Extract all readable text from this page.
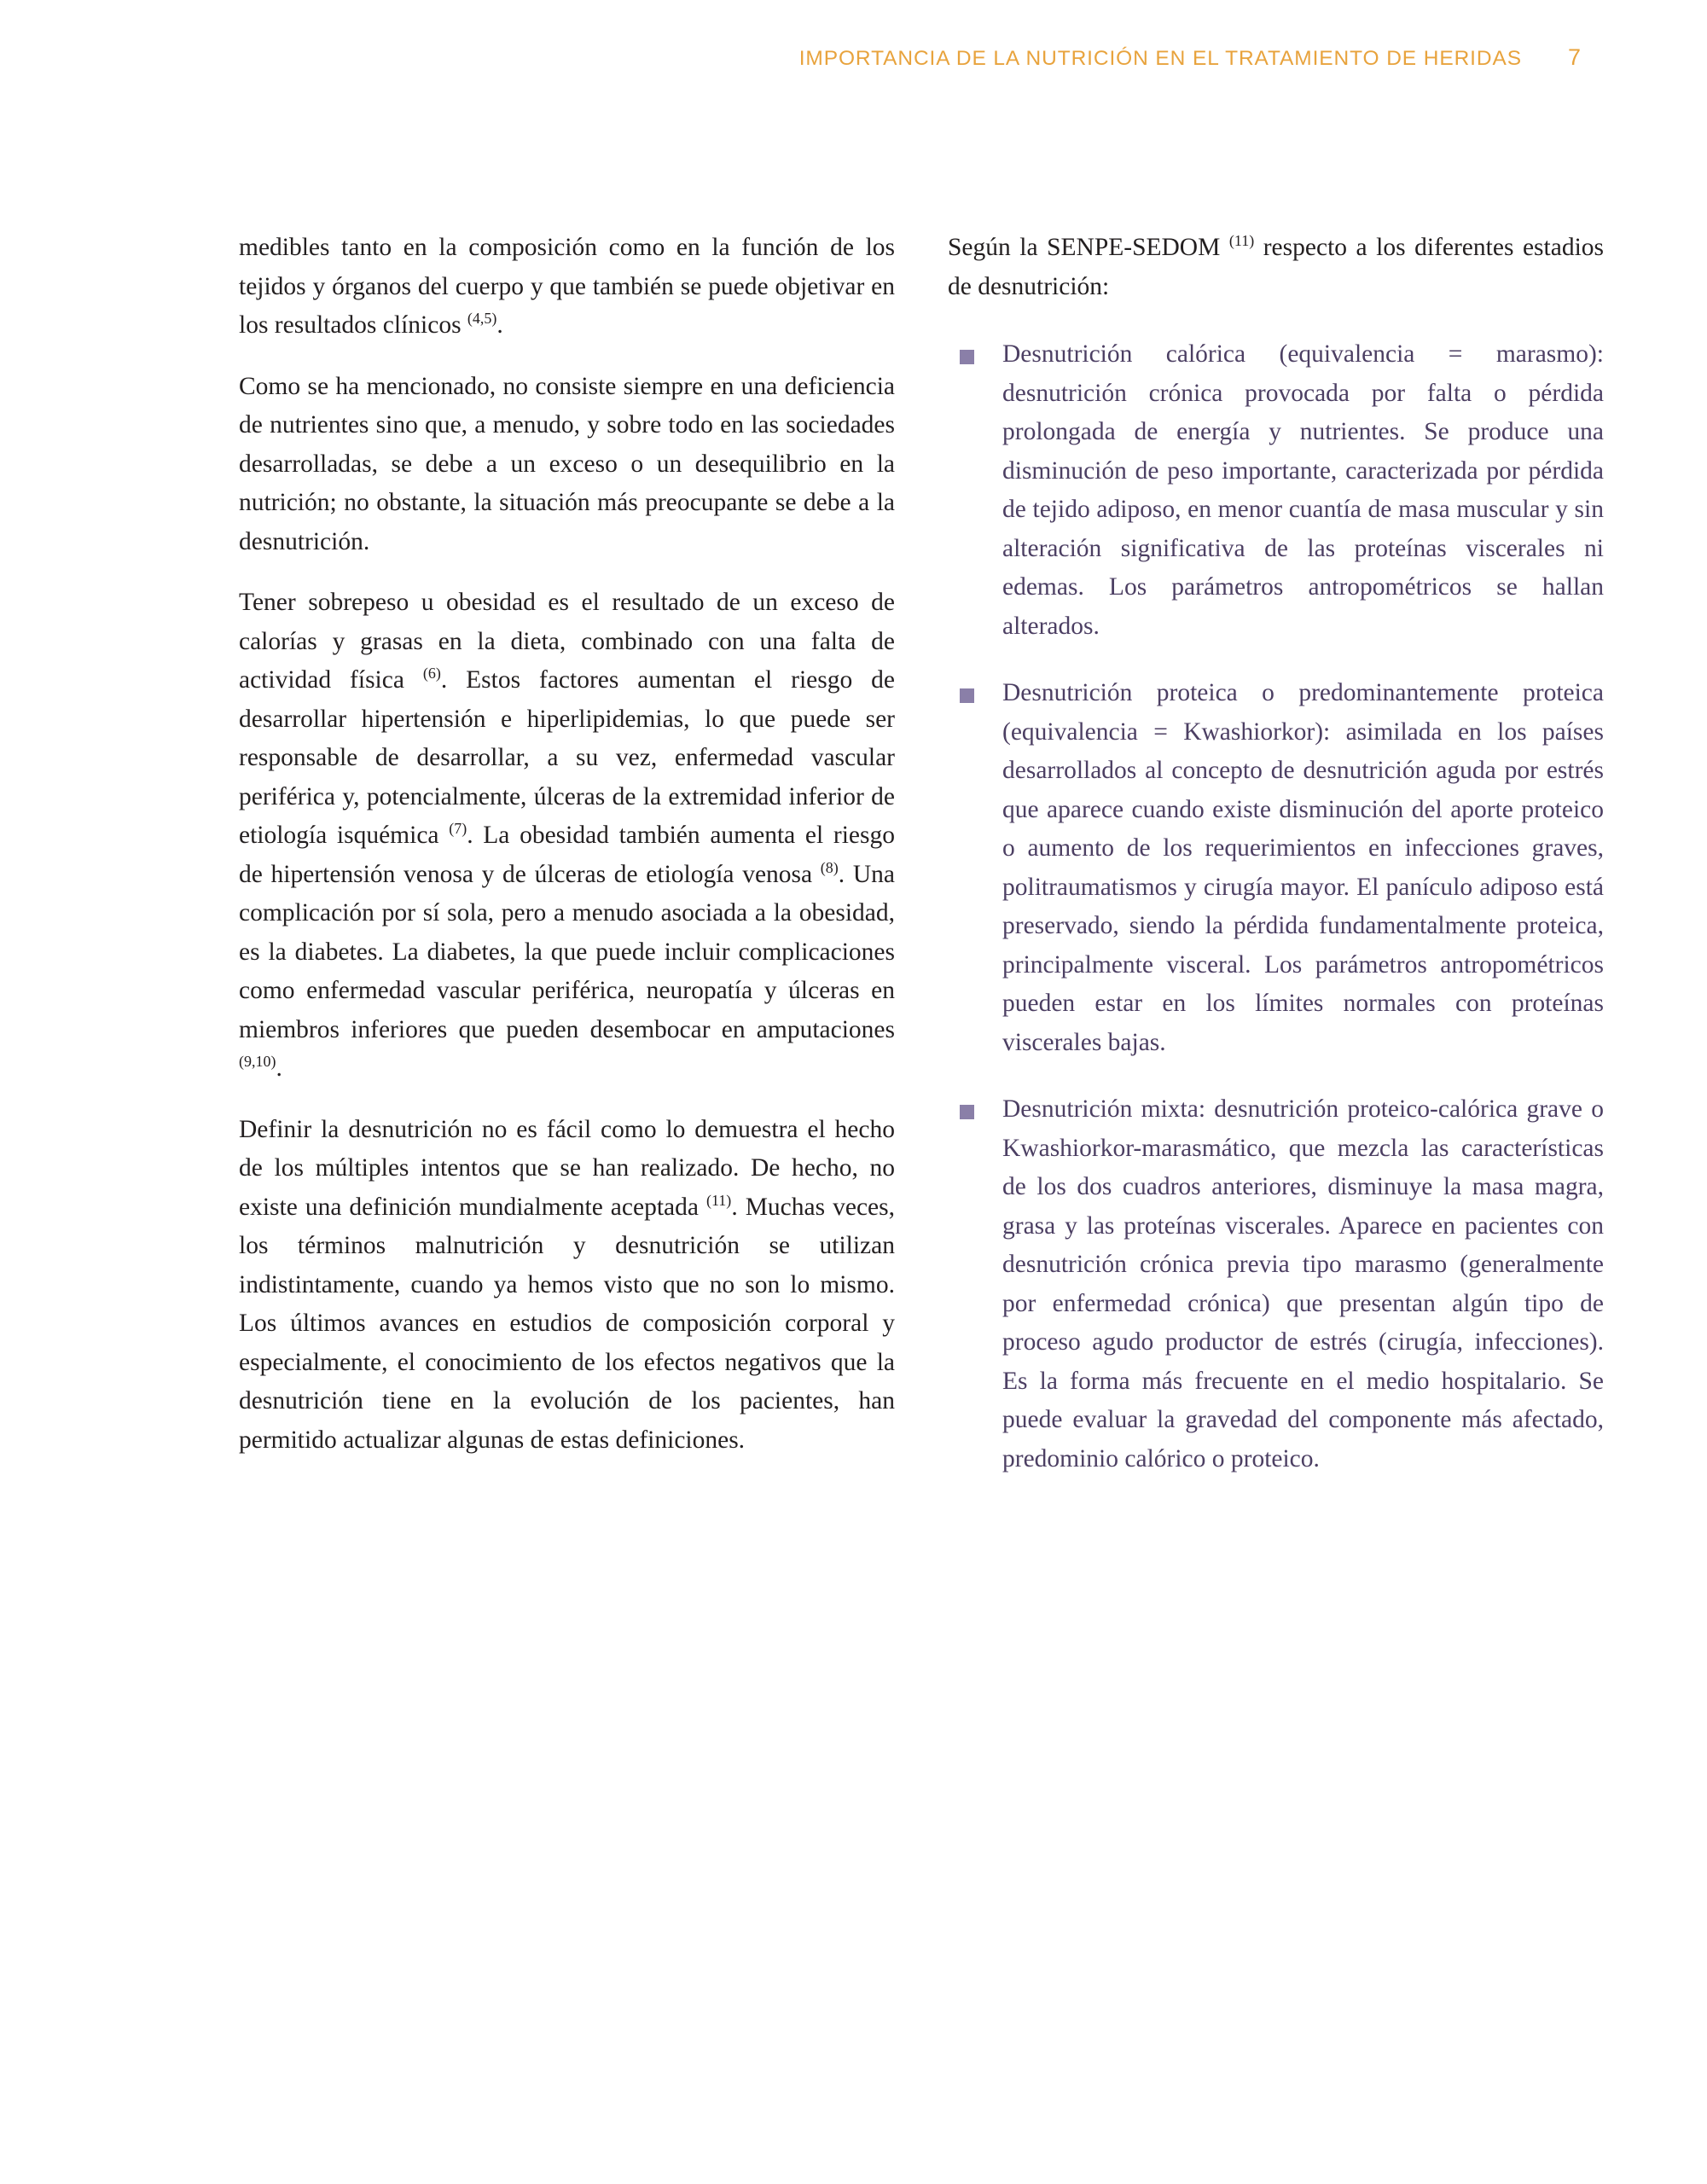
IMPORTANCIA DE LA NUTRICIÓN EN EL TRATAMIENTO DE HERIDAS 7

medibles tanto en la composición como en la función de los tejidos y órganos del cuerpo y que también se puede objetivar en los resultados clínicos $^{(4,5)}$.

Como se ha mencionado, no consiste siempre en una deficiencia de nutrientes sino que, a menudo, y sobre todo en las sociedades desarrolladas, se debe a un exceso o un desequilibrio en la nutrición; no obstante, la situación más preocupante se debe a la desnutrición.

Tener sobrepeso u obesidad es el resultado de un exceso de calorías y grasas en la dieta, combinado con una falta de actividad física $^{(6)}$. Estos factores aumentan el riesgo de desarrollar hipertensión e hiperlipidemias, lo que puede ser responsable de desarrollar, a su vez, enfermedad vascular periférica y, potencialmente, úlceras de la extremidad inferior de etiología isquémica $^{(7)}$. La obesidad también aumenta el riesgo de hipertensión venosa y de úlceras de etiología venosa $^{(8)}$. Una complicación por sí sola, pero a menudo asociada a la obesidad, es la diabetes. La diabetes, la que puede incluir complicaciones como enfermedad vascular periférica, neuropatía y úlceras en miembros inferiores que pueden desembocar en amputaciones $^{(9,10)}$.

Definir la desnutrición no es fácil como lo demuestra el hecho de los múltiples intentos que se han realizado. De hecho, no existe una definición mundialmente aceptada $^{(11)}$. Muchas veces, los términos malnutrición y desnutrición se utilizan indistintamente, cuando ya hemos visto que no son lo mismo. Los últimos avances en estudios de composición corporal y especialmente, el conocimiento de los efectos negativos que la desnutrición tiene en la evolución de los pacientes, han permitido actualizar algunas de estas definiciones.

Según la SENPE-SEDOM $^{(11)}$ respecto a los diferentes estadios de desnutrición:

Desnutrición calórica (equivalencia = marasmo): desnutrición crónica provocada por falta o pérdida prolongada de energía y nutrientes. Se produce una disminución de peso importante, caracterizada por pérdida de tejido adiposo, en menor cuantía de masa muscular y sin alteración significativa de las proteínas viscerales ni edemas. Los parámetros antropométricos se hallan alterados.
Desnutrición proteica o predominantemente proteica (equivalencia = Kwashiorkor): asimilada en los países desarrollados al concepto de desnutrición aguda por estrés que aparece cuando existe disminución del aporte proteico o aumento de los requerimientos en infecciones graves, politraumatismos y cirugía mayor. El panículo adiposo está preservado, siendo la pérdida fundamentalmente proteica, principalmente visceral. Los parámetros antropométricos pueden estar en los límites normales con proteínas viscerales bajas.
Desnutrición mixta: desnutrición proteico-calórica grave o Kwashiorkor-marasmático, que mezcla las características de los dos cuadros anteriores, disminuye la masa magra, grasa y las proteínas viscerales. Aparece en pacientes con desnutrición crónica previa tipo marasmo (generalmente por enfermedad crónica) que presentan algún tipo de proceso agudo productor de estrés (cirugía, infecciones). Es la forma más frecuente en el medio hospitalario. Se puede evaluar la gravedad del componente más afectado, predominio calórico o proteico.
